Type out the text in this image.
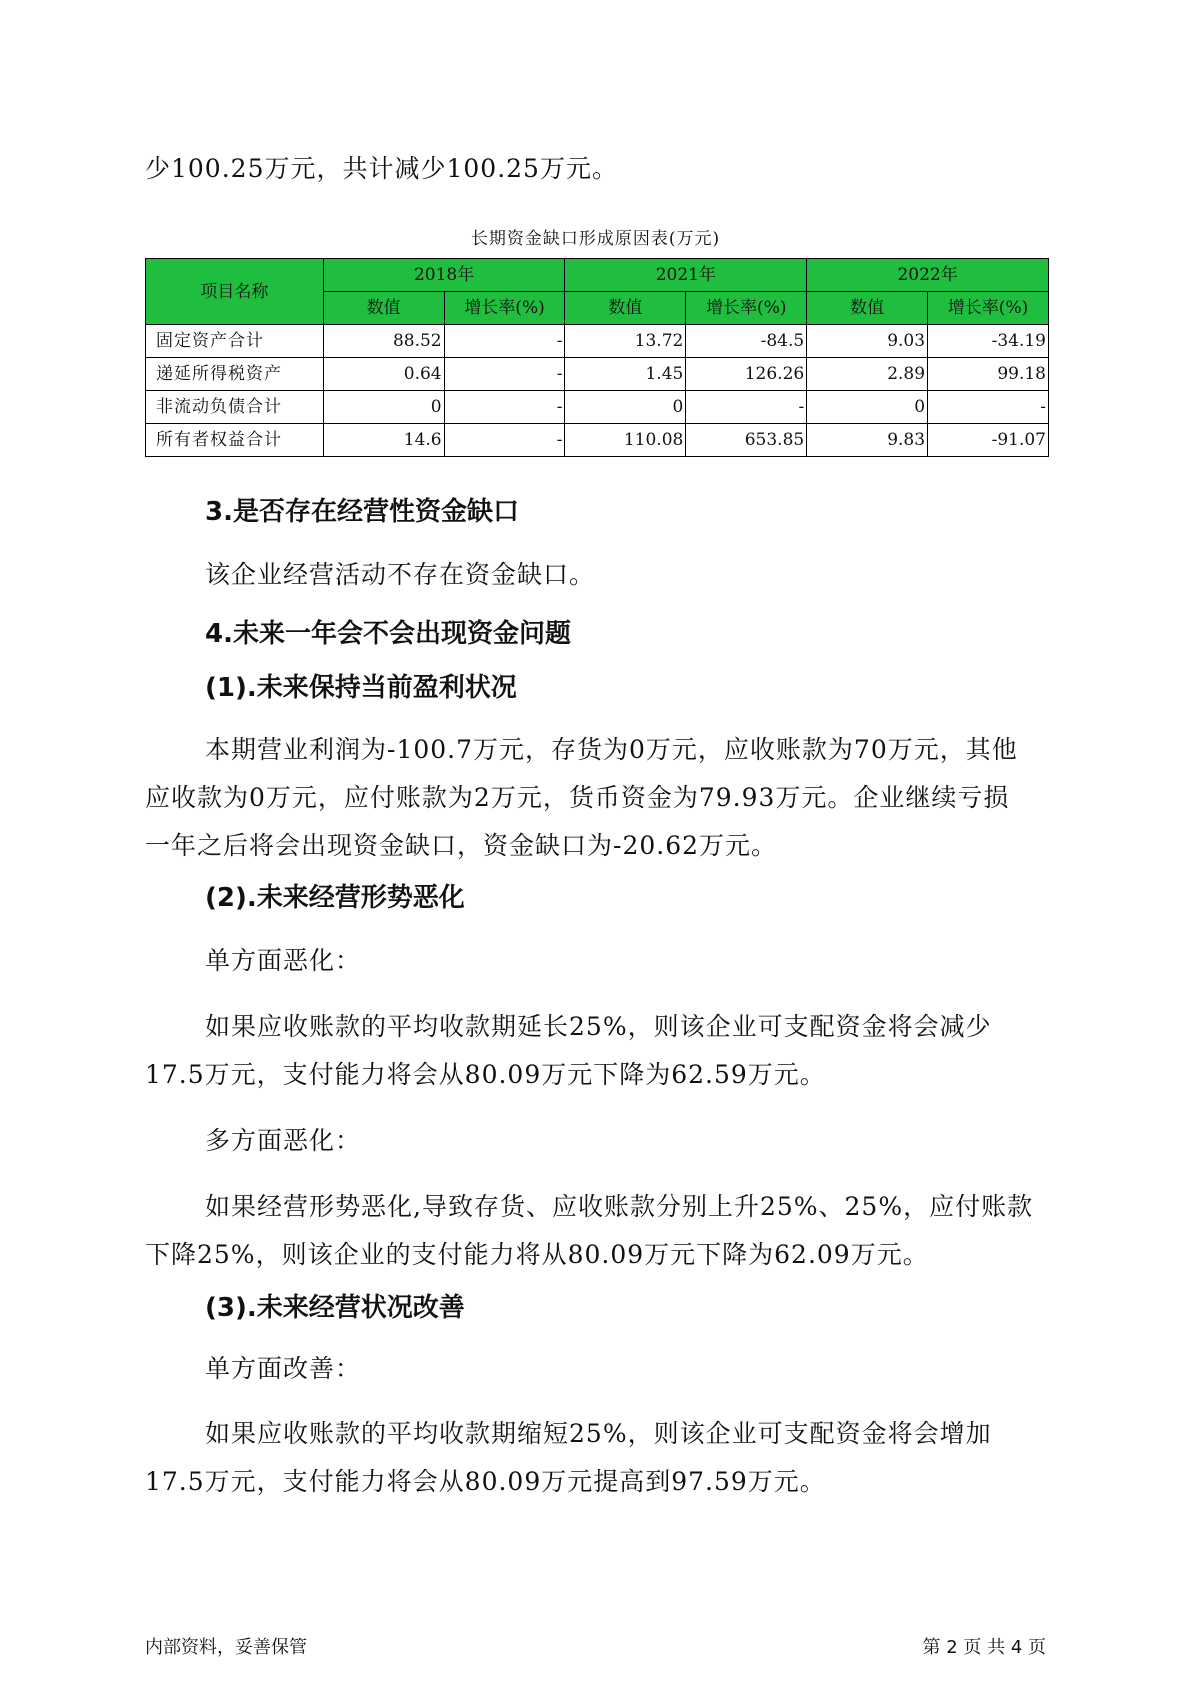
少100.25万元，共计减少100.25万元。
长期资金缺口形成原因表(万元)
项目名称	2018年		2021年		2022年	
	数值	增长率(%)	数值	增长率(%)	数值	增长率(%)
固定资产合计	88.52	-	13.72	-84.5	9.03	-34.19
递延所得税资产	0.64	-	1.45	126.26	2.89	99.18
非流动负债合计	0	-	0	-	0	-
所有者权益合计	14.6	-	110.08	653.85	9.83	-91.07
3.是否存在经营性资金缺口
该企业经营活动不存在资金缺口。
4.未来一年会不会出现资金问题
(1).未来保持当前盈利状况
本期营业利润为-100.7万元，存货为0万元，应收账款为70万元，其他
应收款为0万元，应付账款为2万元，货币资金为79.93万元。企业继续亏损
一年之后将会出现资金缺口，资金缺口为-20.62万元。
(2).未来经营形势恶化
单方面恶化：
如果应收账款的平均收款期延长25%，则该企业可支配资金将会减少
17.5万元，支付能力将会从80.09万元下降为62.59万元。
多方面恶化：
如果经营形势恶化,导致存货、应收账款分别上升25%、25%，应付账款
下降25%，则该企业的支付能力将从80.09万元下降为62.09万元。
(3).未来经营状况改善
单方面改善：
如果应收账款的平均收款期缩短25%，则该企业可支配资金将会增加
17.5万元，支付能力将会从80.09万元提高到97.59万元。
内部资料，妥善保管	第 2 页 共 4 页
